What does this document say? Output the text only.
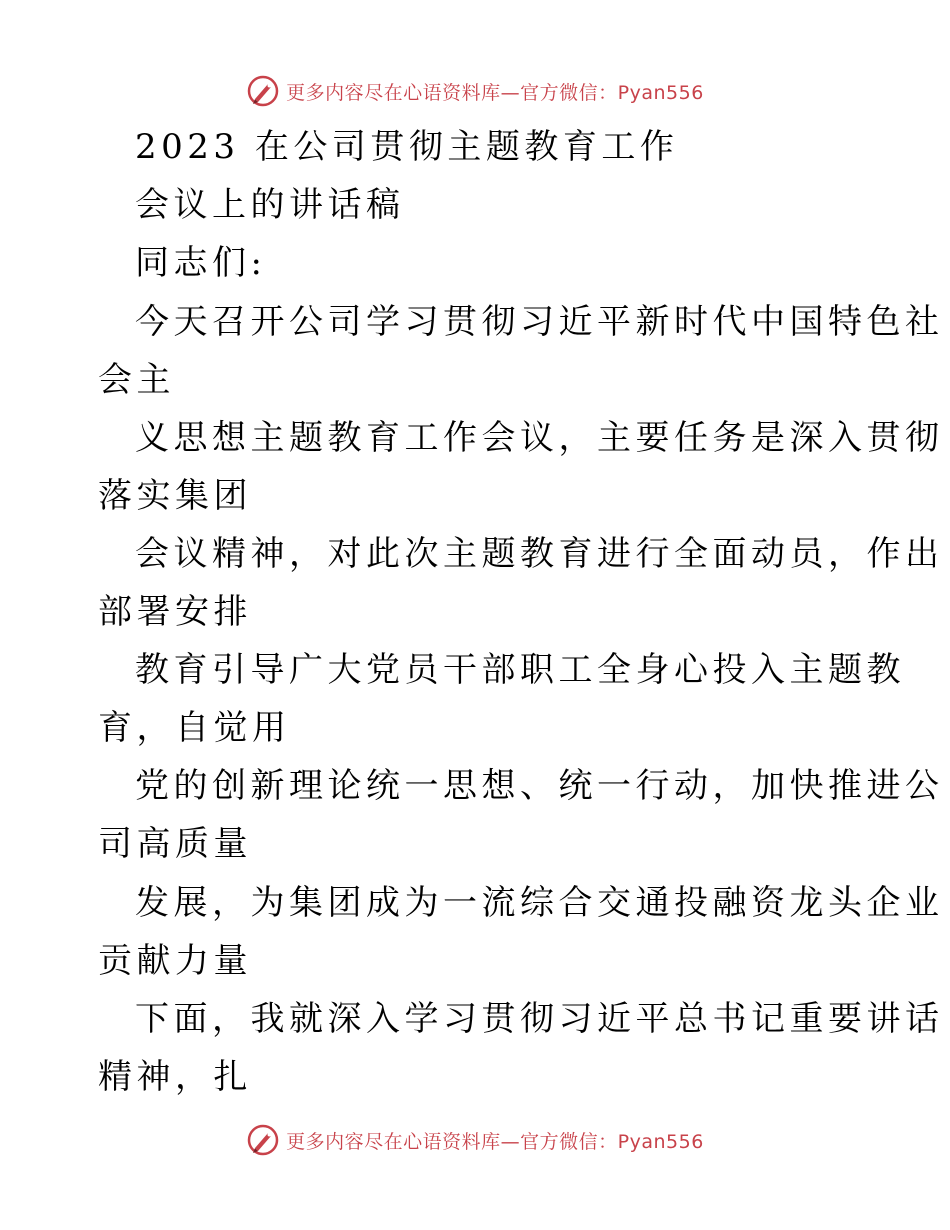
更多内容尽在心语资料库—官方微信：Pyan556
2023 在公司贯彻主题教育工作
会议上的讲话稿
同志们:
今天召开公司学习贯彻习近平新时代中国特色社
会主
义思想主题教育工作会议，主要任务是深入贯彻
落实集团
会议精神，对此次主题教育进行全面动员，作出
部署安排
教育引导广大党员干部职工全身心投入主题教
育，自觉用
党的创新理论统一思想、统一行动，加快推进公
司高质量
发展，为集团成为一流综合交通投融资龙头企业
贡献力量
下面，我就深入学习贯彻习近平总书记重要讲话
精神，扎
更多内容尽在心语资料库—官方微信：Pyan556
